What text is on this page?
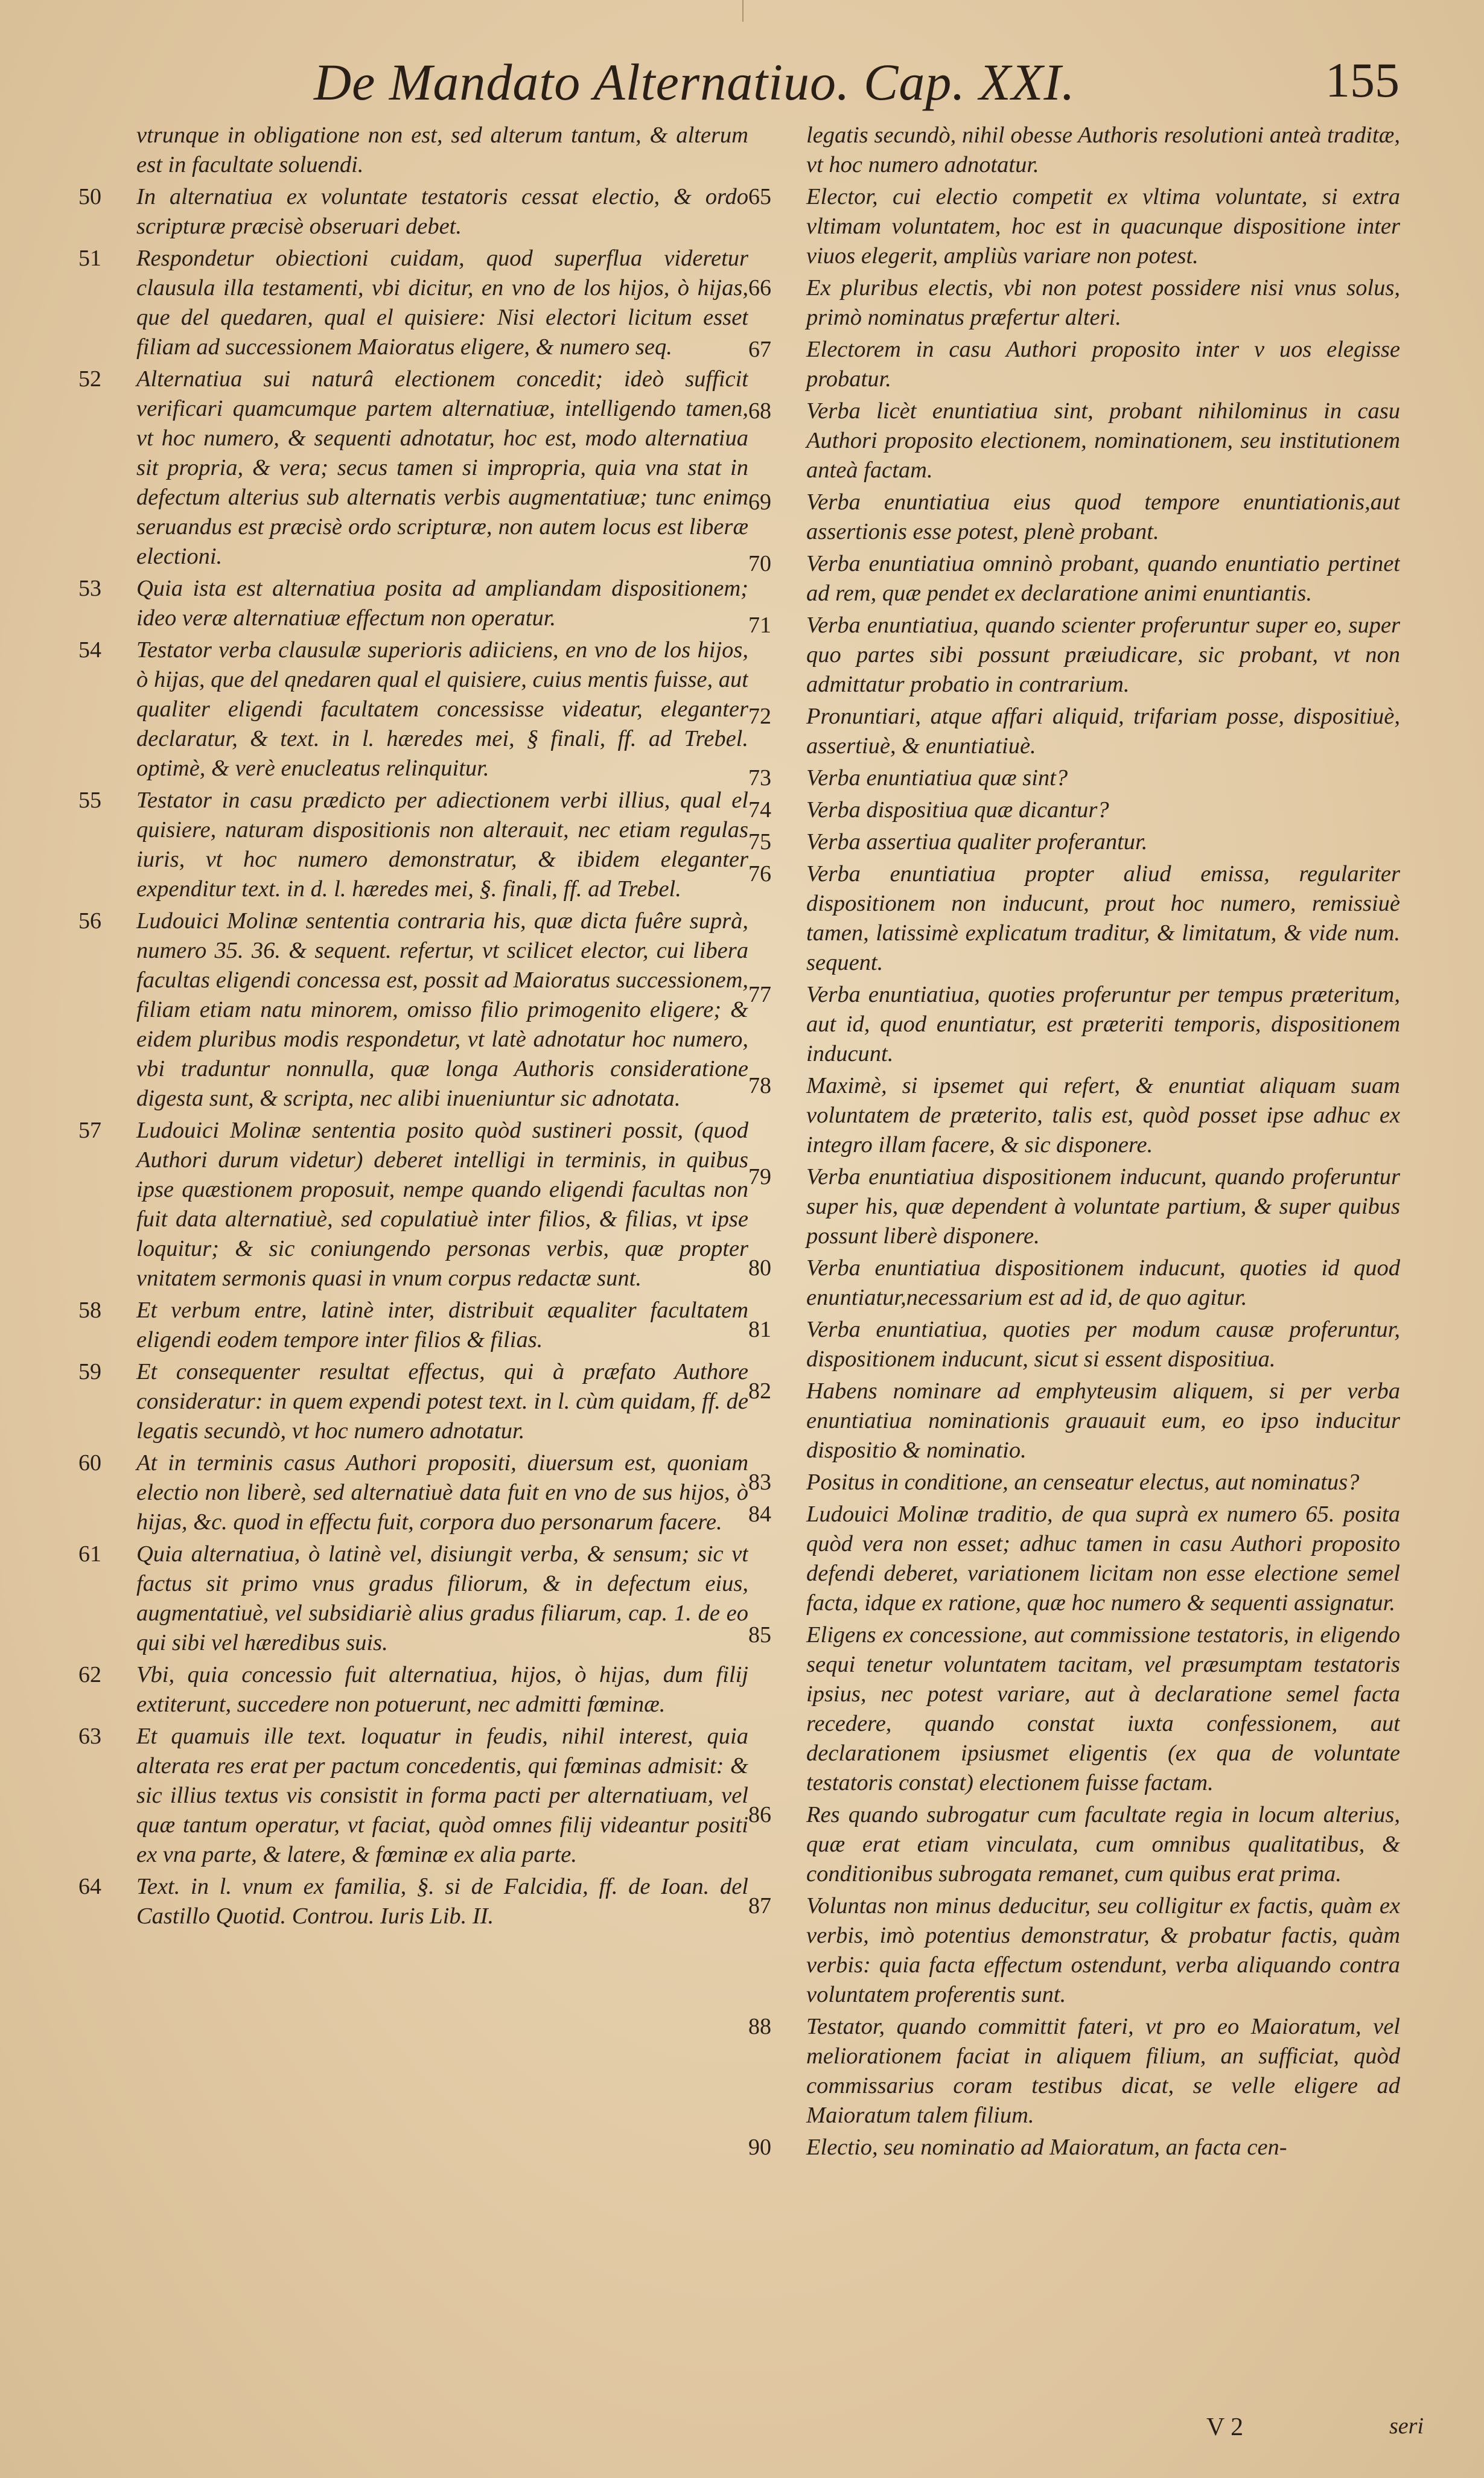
De Mandato Alternatiuo. Cap. XXI.	155
vtrunque in obligatione non est, sed alterum tantum, & alterum est in facultate soluendi.
50	In alternatiua ex voluntate testatoris cessat electio, & ordo scripturæ præcisè obseruari debet.
51	Respondetur obiectioni cuidam, quod superflua videretur clausula illa testamenti, vbi dicitur, en vno de los hijos, ò hijas, que del quedaren, qual el quisiere: Nisi electori licitum esset filiam ad successionem Maioratus eligere, & numero seq.
52	Alternatiua sui naturâ electionem concedit; ideò sufficit verificari quamcumque partem alternatiuæ, intelligendo tamen, vt hoc numero, & sequenti adnotatur, hoc est, modo alternatiua sit propria, & vera; secus tamen si impropria, quia vna stat in defectum alterius sub alternatis verbis augmentatiuæ; tunc enim seruandus est præcisè ordo scripturæ, non autem locus est liberæ electioni.
53	Quia ista est alternatiua posita ad ampliandam dispositionem; ideo veræ alternatiuæ effectum non operatur.
54	Testator verba clausulæ superioris adiiciens, en vno de los hijos, ò hijas, que del qnedaren qual el quisiere, cuius mentis fuisse, aut qualiter eligendi facultatem concessisse videatur, eleganter declaratur, & text. in l. hæredes mei, § finali, ff. ad Trebel. optimè, & verè enucleatus relinquitur.
55	Testator in casu prædicto per adiectionem verbi illius, qual el quisiere, naturam dispositionis non alterauit, nec etiam regulas iuris, vt hoc numero demonstratur, & ibidem eleganter expenditur text. in d. l. hæredes mei, §. finali, ff. ad Trebel.
56	Ludouici Molinæ sententia contraria his, quæ dicta fuêre suprà, numero 35. 36. & sequent. refertur, vt scilicet elector, cui libera facultas eligendi concessa est, possit ad Maioratus successionem, filiam etiam natu minorem, omisso filio primogenito eligere; & eidem pluribus modis respondetur, vt latè adnotatur hoc numero, vbi traduntur nonnulla, quæ longa Authoris consideratione digesta sunt, & scripta, nec alibi inueniuntur sic adnotata.
57	Ludouici Molinæ sententia posito quòd sustineri possit, (quod Authori durum videtur) deberet intelligi in terminis, in quibus ipse quæstionem proposuit, nempe quando eligendi facultas non fuit data alternatiuè, sed copulatiuè inter filios, & filias, vt ipse loquitur; & sic coniungendo personas verbis, quæ propter vnitatem sermonis quasi in vnum corpus redactæ sunt.
58	Et verbum entre, latinè inter, distribuit æqualiter facultatem eligendi eodem tempore inter filios & filias.
59	Et consequenter resultat effectus, qui à præfato Authore consideratur: in quem expendi potest text. in l. cùm quidam, ff. de legatis secundò, vt hoc numero adnotatur.
60	At in terminis casus Authori propositi, diuersum est, quoniam electio non liberè, sed alternatiuè data fuit en vno de sus hijos, ò hijas, &c. quod in effectu fuit, corpora duo personarum facere.
61	Quia alternatiua, ò latinè vel, disiungit verba, & sensum; sic vt factus sit primo vnus gradus filiorum, & in defectum eius, augmentatiuè, vel subsidiariè alius gradus filiarum, cap. 1. de eo qui sibi vel hæredibus suis.
62	Vbi, quia concessio fuit alternatiua, hijos, ò hijas, dum filij extiterunt, succedere non potuerunt, nec admitti fœminæ.
63	Et quamuis ille text. loquatur in feudis, nihil interest, quia alterata res erat per pactum concedentis, qui fœminas admisit: & sic illius textus vis consistit in forma pacti per alternatiuam, vel quæ tantum operatur, vt faciat, quòd omnes filij videantur positi ex vna parte, & latere, & fœminæ ex alia parte.
64	Text. in l. vnum ex familia, §. si de Falcidia, ff. de Ioan. del Castillo Quotid. Controu. Iuris Lib. II.
legatis secundò, nihil obesse Authoris resolutioni anteà traditæ, vt hoc numero adnotatur.
65	Elector, cui electio competit ex vltima voluntate, si extra vltimam voluntatem, hoc est in quacunque dispositione inter viuos elegerit, ampliùs variare non potest.
66	Ex pluribus electis, vbi non potest possidere nisi vnus solus, primò nominatus præfertur alteri.
67	Electorem in casu Authori proposito inter v uos elegisse probatur.
68	Verba licèt enuntiatiua sint, probant nihilominus in casu Authori proposito electionem, nominationem, seu institutionem anteà factam.
69	Verba enuntiatiua eius quod tempore enuntiationis,aut assertionis esse potest, plenè probant.
70	Verba enuntiatiua omninò probant, quando enuntiatio pertinet ad rem, quæ pendet ex declaratione animi enuntiantis.
71	Verba enuntiatiua, quando scienter proferuntur super eo, super quo partes sibi possunt præiudicare, sic probant, vt non admittatur probatio in contrarium.
72	Pronuntiari, atque affari aliquid, trifariam posse, dispositiuè, assertiuè, & enuntiatiuè.
73	Verba enuntiatiua quæ sint?
74	Verba dispositiua quæ dicantur?
75	Verba assertiua qualiter proferantur.
76	Verba enuntiatiua propter aliud emissa, regulariter dispositionem non inducunt, prout hoc numero, remissiuè tamen, latissimè explicatum traditur, & limitatum, & vide num. sequent.
77	Verba enuntiatiua, quoties proferuntur per tempus præteritum, aut id, quod enuntiatur, est præteriti temporis, dispositionem inducunt.
78	Maximè, si ipsemet qui refert, & enuntiat aliquam suam voluntatem de præterito, talis est, quòd posset ipse adhuc ex integro illam facere, & sic disponere.
79	Verba enuntiatiua dispositionem inducunt, quando proferuntur super his, quæ dependent à voluntate partium, & super quibus possunt liberè disponere.
80	Verba enuntiatiua dispositionem inducunt, quoties id quod enuntiatur,necessarium est ad id, de quo agitur.
81	Verba enuntiatiua, quoties per modum causæ proferuntur, dispositionem inducunt, sicut si essent dispositiua.
82	Habens nominare ad emphyteusim aliquem, si per verba enuntiatiua nominationis grauauit eum, eo ipso inducitur dispositio & nominatio.
83	Positus in conditione, an censeatur electus, aut nominatus?
84	Ludouici Molinæ traditio, de qua suprà ex numero 65. posita quòd vera non esset; adhuc tamen in casu Authori proposito defendi deberet, variationem licitam non esse electione semel facta, idque ex ratione, quæ hoc numero & sequenti assignatur.
85	Eligens ex concessione, aut commissione testatoris, in eligendo sequi tenetur voluntatem tacitam, vel præsumptam testatoris ipsius, nec potest variare, aut à declaratione semel facta recedere, quando constat iuxta confessionem, aut declarationem ipsiusmet eligentis (ex qua de voluntate testatoris constat) electionem fuisse factam.
86	Res quando subrogatur cum facultate regia in locum alterius, quæ erat etiam vinculata, cum omnibus qualitatibus, & conditionibus subrogata remanet, cum quibus erat prima.
87	Voluntas non minus deducitur, seu colligitur ex factis, quàm ex verbis, imò potentius demonstratur, & probatur factis, quàm verbis: quia facta effectum ostendunt, verba aliquando contra voluntatem proferentis sunt.
88	Testator, quando committit fateri, vt pro eo Maioratum, vel meliorationem faciat in aliquem filium, an sufficiat, quòd commissarius coram testibus dicat, se velle eligere ad Maioratum talem filium.
90	Electio, seu nominatio ad Maioratum, an facta cen-
V 2	seri
